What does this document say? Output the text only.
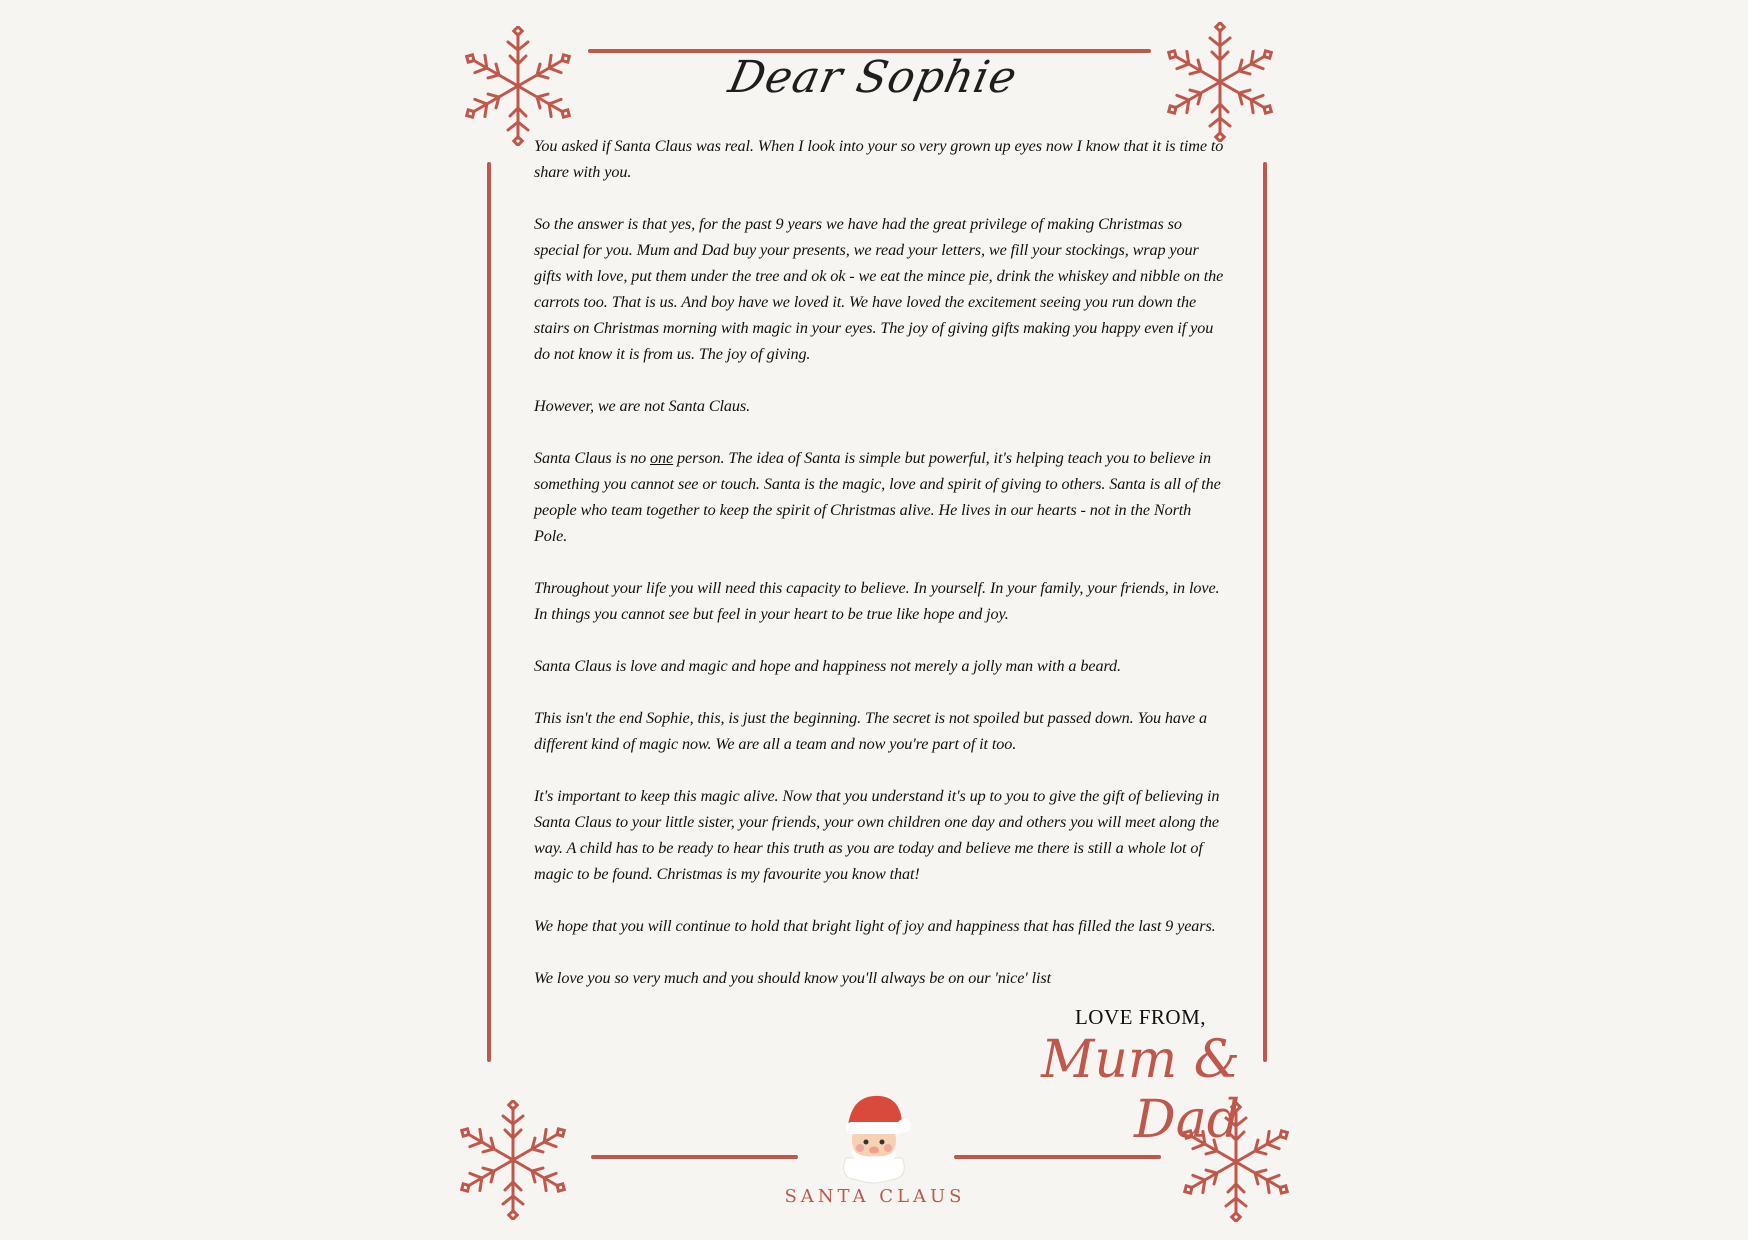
Dear Sophie

You asked if Santa Claus was real. When I look into your so very grown up eyes now I know that it is time to share with you.

So the answer is that yes, for the past 9 years we have had the great privilege of making Christmas so special for you. Mum and Dad buy your presents, we read your letters, we fill your stockings, wrap your gifts with love, put them under the tree and ok ok - we eat the mince pie, drink the whiskey and nibble on the carrots too. That is us. And boy have we loved it. We have loved the excitement seeing you run down the stairs on Christmas morning with magic in your eyes. The joy of giving gifts making you happy even if you do not know it is from us. The joy of giving.

However, we are not Santa Claus.

Santa Claus is no one person. The idea of Santa is simple but powerful, it's helping teach you to believe in something you cannot see or touch. Santa is the magic, love and spirit of giving to others. Santa is all of the people who team together to keep the spirit of Christmas alive. He lives in our hearts - not in the North Pole.

Throughout your life you will need this capacity to believe. In yourself. In your family, your friends, in love. In things you cannot see but feel in your heart to be true like hope and joy.

Santa Claus is love and magic and hope and happiness not merely a jolly man with a beard.

This isn't the end Sophie, this, is just the beginning. The secret is not spoiled but passed down. You have a different kind of magic now. We are all a team and now you're part of it too.

It's important to keep this magic alive. Now that you understand it's up to you to give the gift of believing in Santa Claus to your little sister, your friends, your own children one day and others you will meet along the way. A child has to be ready to hear this truth as you are today and believe me there is still a whole lot of magic to be found. Christmas is my favourite you know that!

We hope that you will continue to hold that bright light of joy and happiness that has filled the last 9 years.

We love you so very much and you should know you'll always be on our 'nice' list

LOVE FROM,
Mum & Dad
SANTA CLAUS
